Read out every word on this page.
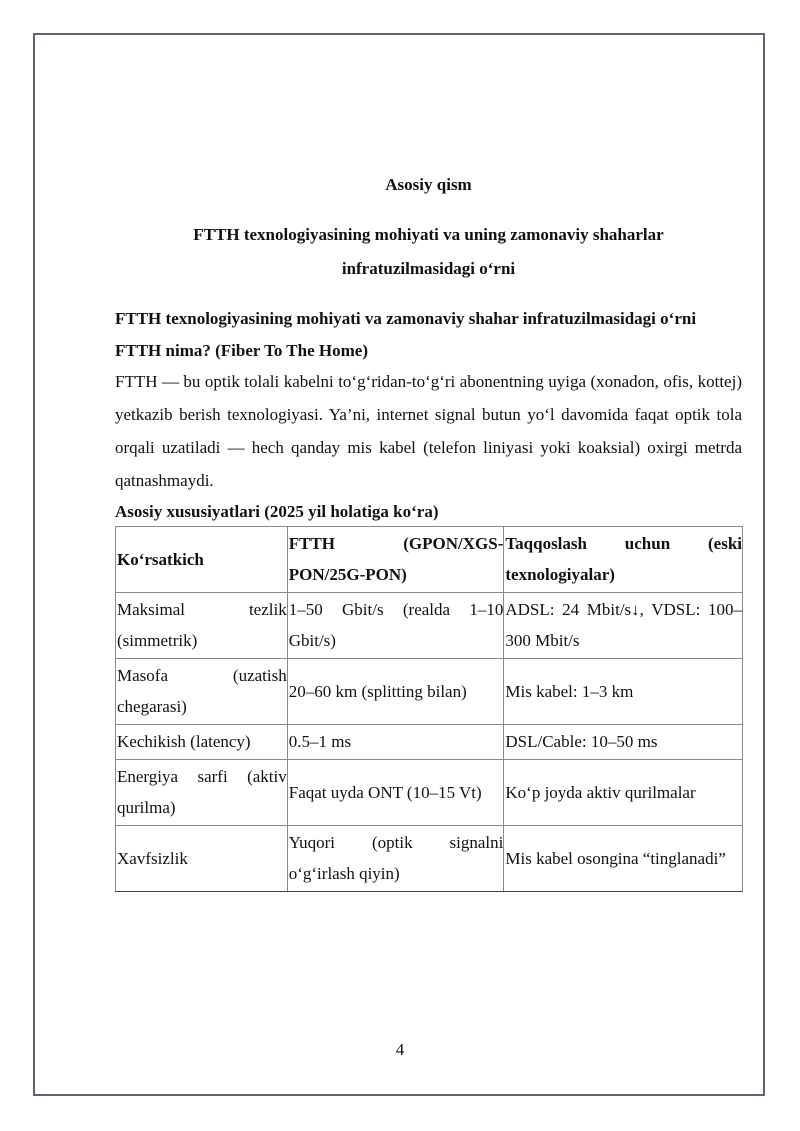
Asosiy qism
FTTH texnologiyasining mohiyati va uning zamonaviy shaharlar
infratuzilmasidagi o‘rni
FTTH texnologiyasining mohiyati va zamonaviy shahar infratuzilmasidagi o‘rni
FTTH nima? (Fiber To The Home)
FTTH — bu optik tolali kabelni to‘g‘ridan-to‘g‘ri abonentning uyiga (xonadon, ofis, kottej) yetkazib berish texnologiyasi. Ya’ni, internet signal butun yo‘l davomida faqat optik tola orqali uzatiladi — hech qanday mis kabel (telefon liniyasi yoki koaksial) oxirgi metrda qatnashmaydi.
Asosiy xususiyatlari (2025 yil holatiga ko‘ra)
Ko‘rsatkich	FTTH (GPON/XGS-PON/25G-PON)	Taqqoslash uchun (eski texnologiyalar)
Maksimal tezlik (simmetrik)	1–50 Gbit/s (realda 1–10 Gbit/s)	ADSL: 24 Mbit/s↓, VDSL: 100–300 Mbit/s
Masofa (uzatish chegarasi)	20–60 km (splitting bilan)	Mis kabel: 1–3 km
Kechikish (latency)	0.5–1 ms	DSL/Cable: 10–50 ms
Energiya sarfi (aktiv qurilma)	Faqat uyda ONT (10–15 Vt)	Ko‘p joyda aktiv qurilmalar
Xavfsizlik	Yuqori (optik signalni o‘g‘irlash qiyin)	Mis kabel osongina “tinglanadi”
4
